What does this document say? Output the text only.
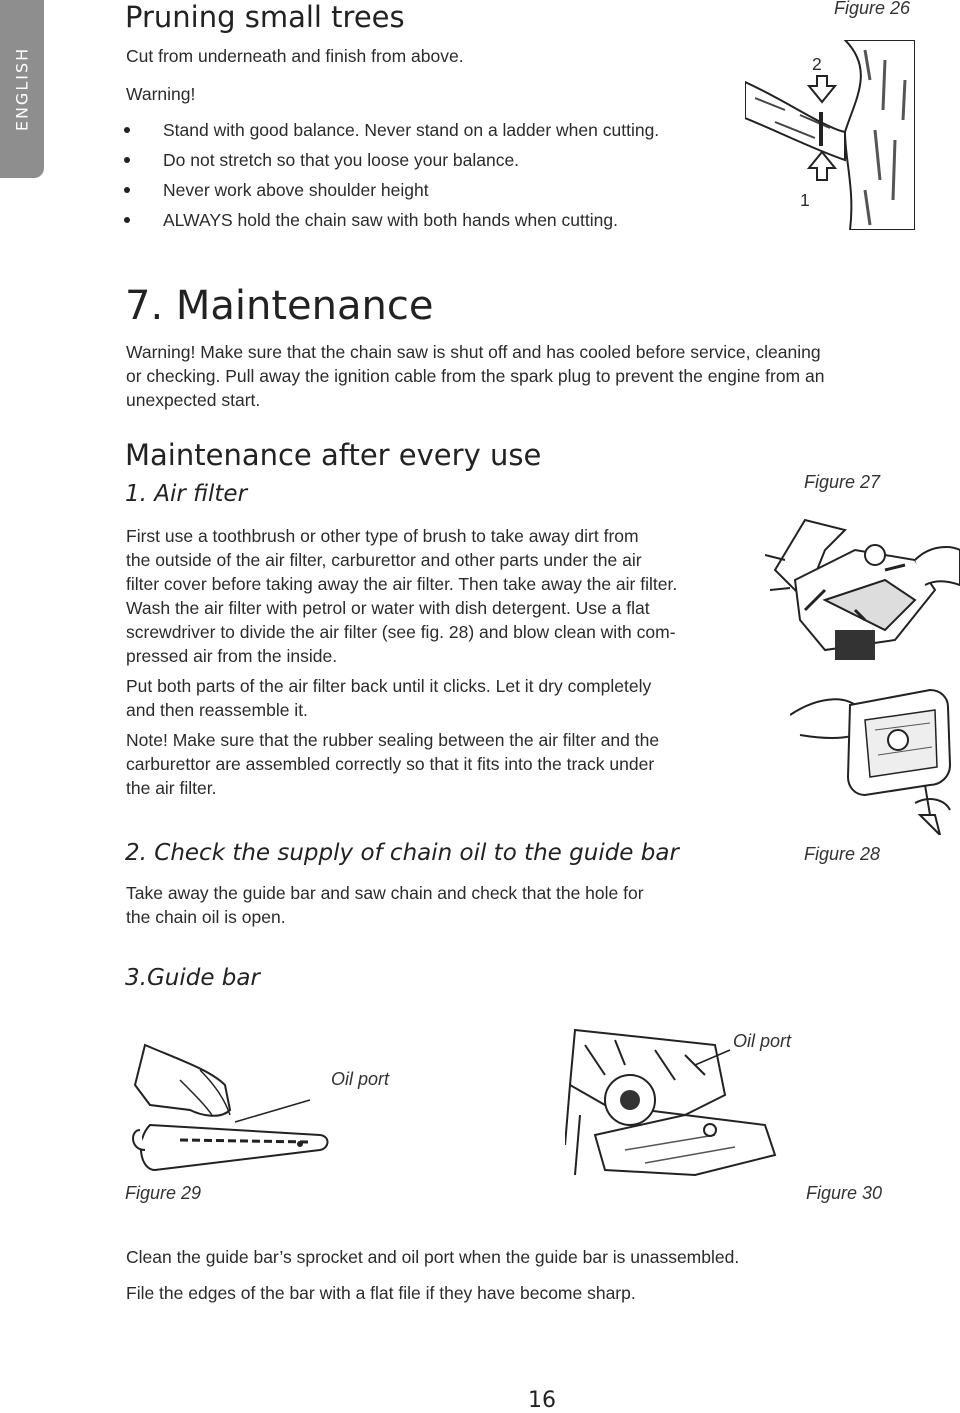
ENGLISH
Pruning small trees
Cut from underneath and finish from above.
Warning!
Stand with good balance. Never stand on a ladder when cutting.
Do not stretch so that you loose your balance.
Never work above shoulder height
ALWAYS hold the chain saw with both hands when cutting.
Figure 26
2
1
7. Maintenance
Warning! Make sure that the chain saw is shut off and has cooled before service, cleaning
or checking. Pull away the ignition cable from the spark plug to prevent the engine from an
unexpected start.
Maintenance after every use
1. Air filter	Figure 27
First use a toothbrush or other type of brush to take away dirt from
the outside of the air filter, carburettor and other parts under the air
filter cover before taking away the air filter. Then take away the air filter.
Wash the air filter with petrol or water with dish detergent. Use a flat
screwdriver to divide the air filter (see fig. 28) and blow clean with com-
pressed air from the inside.
Put both parts of the air filter back until it clicks. Let it dry completely
and then reassemble it.
Note! Make sure that the rubber sealing between the air filter and the
carburettor are assembled correctly so that it fits into the track under
the air filter.
2. Check the supply of chain oil to the guide bar	Figure 28
Take away the guide bar and saw chain and check that the hole for
the chain oil is open.
3.Guide bar
Oil port
Oil port
Figure 29	Figure 30
Clean the guide bar’s sprocket and oil port when the guide bar is unassembled.
File the edges of the bar with a flat file if they have become sharp.
16
